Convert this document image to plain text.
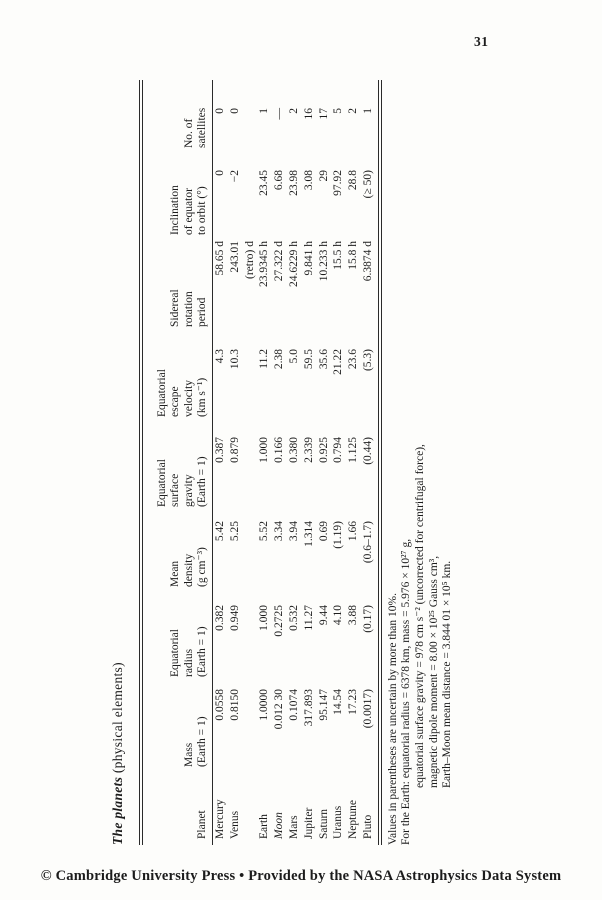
31
The planets (physical elements)
Planet
Mass (Earth = 1)
Equatorial radius (Earth = 1)
Mean density (g cm⁻³)
Equatorial surface gravity (Earth = 1)
Equatorial escape velocity (km s⁻¹)
Sidereal rotation period
Inclination of equator to orbit (°)
No. of satellites
Mercury
0.0558
0.382
5.42
0.387
4.3
58.65 d
0
0
Venus
0.8150
0.949
5.25
0.879
10.3
243.01
−2
0
(retro) d
Earth
1.0000
1.000
5.52
1.000
11.2
23.9345 h
23.45
1
Moon
0.012 30
0.2725
3.34
0.166
2.38
27.322 d
6.68
—
Mars
0.1074
0.532
3.94
0.380
5.0
24.6229 h
23.98
2
Jupiter
317.893
11.27
1.314
2.339
59.5
9.841 h
3.08
16
Saturn
95.147
9.44
0.69
0.925
35.6
10.233 h
29
17
Uranus
14.54
4.10
(1.19)
0.794
21.22
15.5 h
97.92
5
Neptune
17.23
3.88
1.66
1.125
23.6
15.8 h
28.8
2
Pluto
(0.0017)
(0.17)
(0.6–1.7)
(0.44)
(5.3)
6.3874 d
(≥ 50)
1
Values in parentheses are uncertain by more than 10%. For the Earth: equatorial radius = 6378 km, mass = 5.976 × 10²⁷ g, equatorial surface gravity = 978 cm s⁻² (uncorrected for centrifugal force), magnetic dipole moment = 8.00 × 10²⁵ Gauss cm³, Earth–Moon mean distance = 3.844 01 × 10⁵ km.
© Cambridge University Press • Provided by the NASA Astrophysics Data System
